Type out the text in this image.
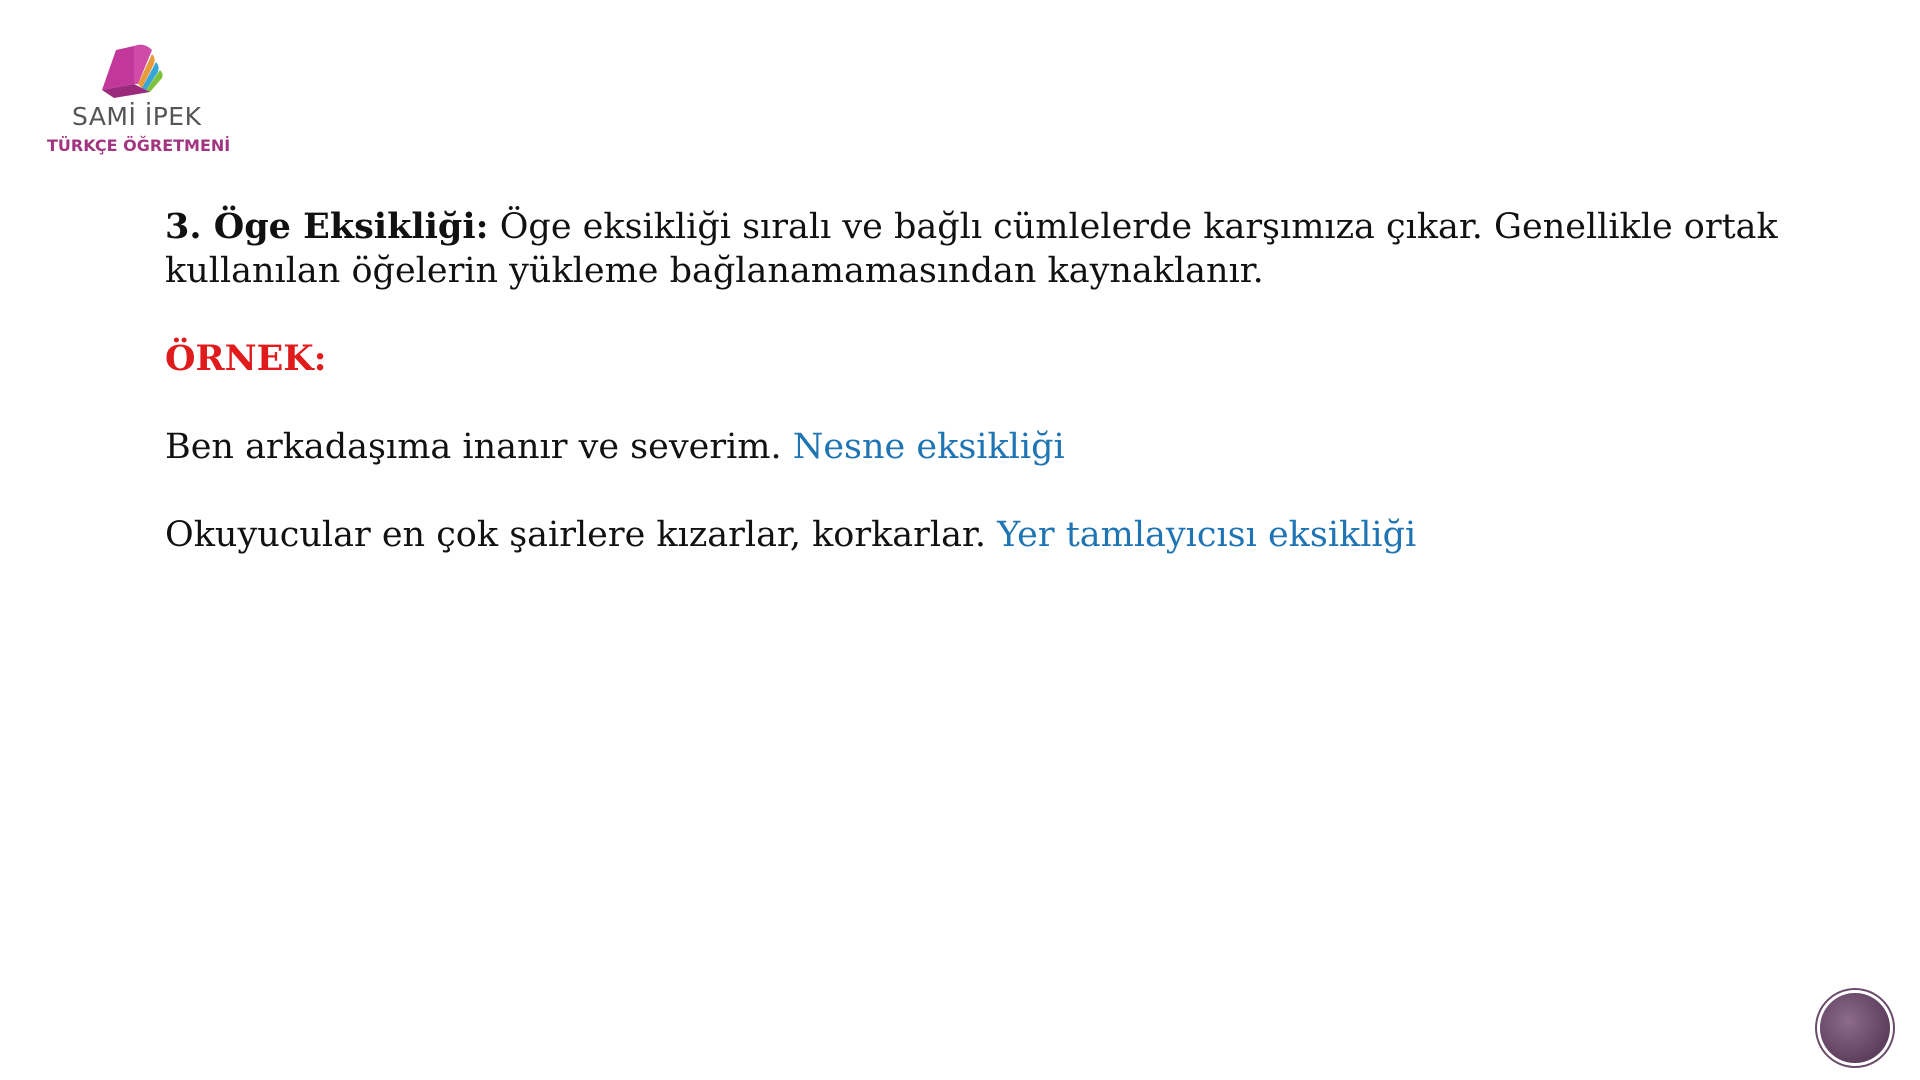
SAMİ İPEK
TÜRKÇE ÖĞRETMENİ

3. Öge Eksikliği: Öge eksikliği sıralı ve bağlı cümlelerde karşımıza çıkar. Genellikle ortak kullanılan öğelerin yükleme bağlanamamasından kaynaklanır.

ÖRNEK:

Ben arkadaşıma inanır ve severim. Nesne eksikliği

Okuyucular en çok şairlere kızarlar, korkarlar. Yer tamlayıcısı eksikliği
